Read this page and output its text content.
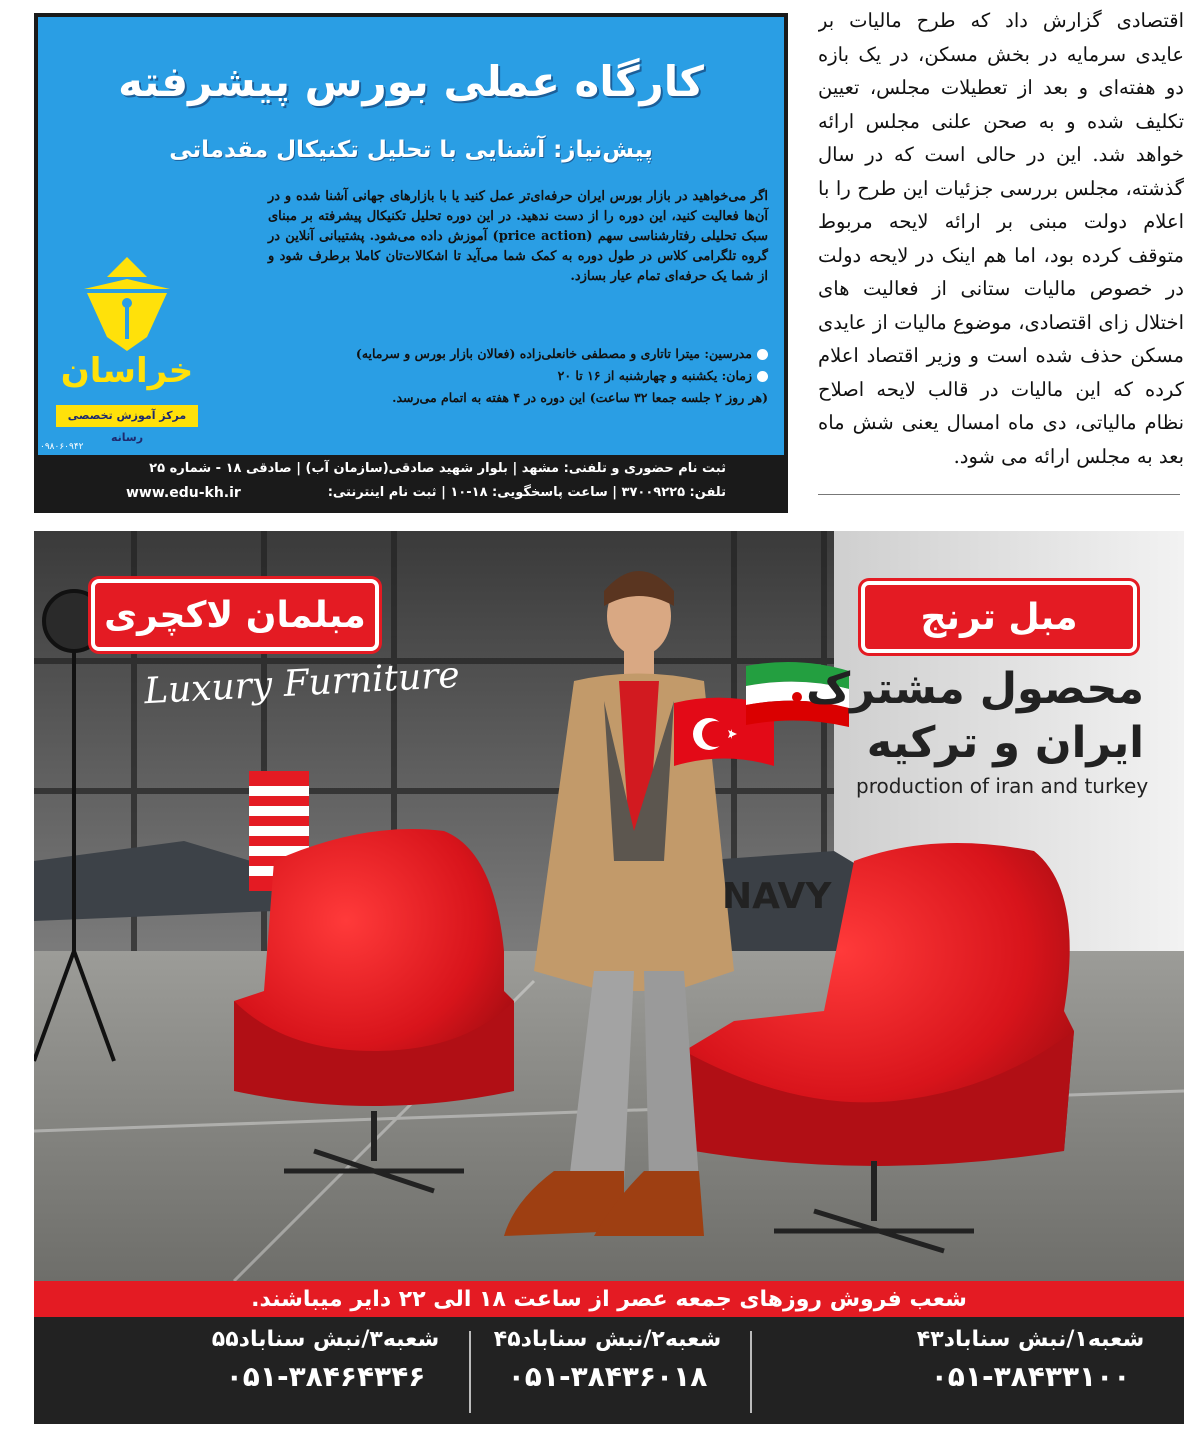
اقتصادی گزارش داد که طرح مالیات بر عایدی سرمایه در بخش مسکن، در یک بازه دو هفته‌ای و بعد از تعطیلات مجلس، تعیین تکلیف شده و به صحن علنی مجلس ارائه خواهد شد. این در حالی است که در سال گذشته، مجلس بررسی جزئیات این طرح را با اعلام دولت مبنی بر ارائه لایحه مربوط متوقف کرده بود، اما هم اینک در لایحه دولت در خصوص مالیات ستانی از فعالیت های اختلال زای اقتصادی، موضوع مالیات از عایدی مسکن حذف شده است و وزیر اقتصاد اعلام کرده که این مالیات در قالب لایحه اصلاح نظام مالیاتی، دی ماه امسال یعنی شش ماه بعد به مجلس ارائه می شود.

کارگاه عملی بورس پیشرفته
پیش‌نیاز: آشنایی با تحلیل تکنیکال مقدماتی
اگر می‌خواهید در بازار بورس ایران حرفه‌ای‌تر عمل کنید یا با بازارهای جهانی آشنا شده و در آن‌ها فعالیت کنید، این دوره را از دست ندهید. در این دوره تحلیل تکنیکال پیشرفته بر مبنای سبک تحلیلی رفتارشناسی سهم (price action) آموزش داده می‌شود. پشتیبانی آنلاین در گروه تلگرامی کلاس در طول دوره به کمک شما می‌آید تا اشکالات‌تان کاملا برطرف شود و از شما یک حرفه‌ای تمام عیار بسازد.
مدرسین: میترا تاتاری و مصطفی خانعلی‌زاده (فعالان بازار بورس و سرمایه)
زمان: یکشنبه و چهارشنبه از ۱۶ تا ۲۰
(هر روز ۲ جلسه جمعا ۳۲ ساعت) این دوره در ۴ هفته به اتمام می‌رسد.
خراسان
مرکز آموزش تخصصی رسانه
۰۹۸۰۶۰۹۴۲
ثبت نام حضوری و تلفنی: مشهد | بلوار شهید صادقی(سازمان آب) | صادقی ۱۸ - شماره ۲۵
تلفن: ۳۷۰۰۹۲۲۵ | ساعت پاسخگویی: ۱۸-۱۰ | ثبت نام اینترنتی:
www.edu-kh.ir
مبلمان لاکچری
Luxury Furniture
مبل ترنج
محصول مشترک
ایران و ترکیه
production of iran and turkey
NAVY
شعب فروش روزهای جمعه عصر از ساعت ۱۸ الی ۲۲ دایر میباشند.
شعبه۱/نبش سناباد۴۳
۰۵۱-۳۸۴۳۳۱۰۰
شعبه۲/نبش سناباد۴۵
۰۵۱-۳۸۴۳۶۰۱۸
شعبه۳/نبش سناباد۵۵
۰۵۱-۳۸۴۶۴۳۴۶
